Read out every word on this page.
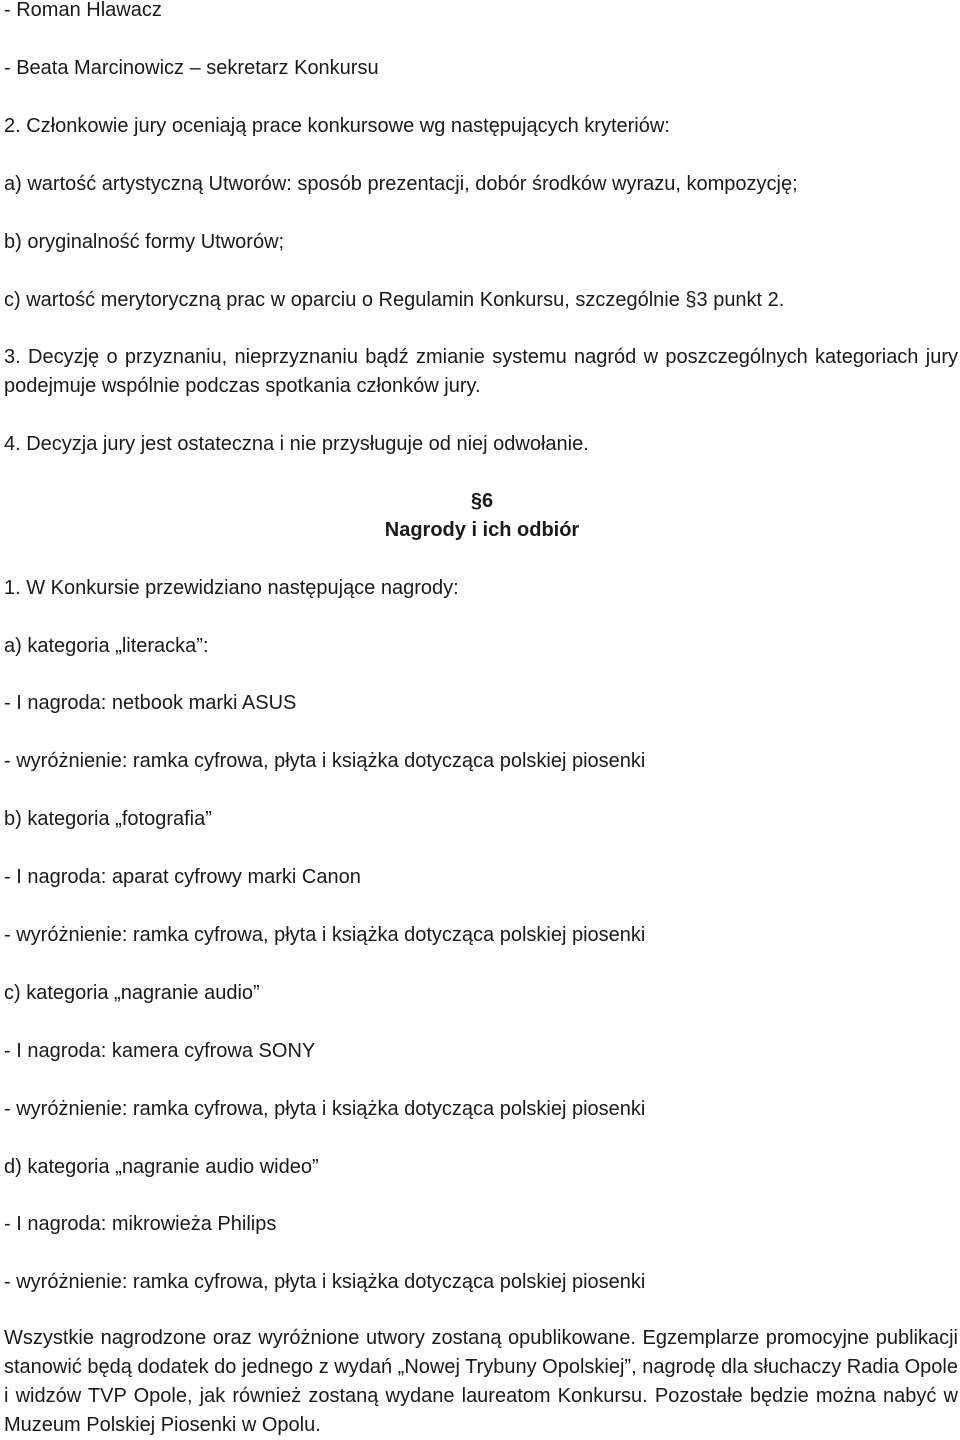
- Roman Hlawacz
- Beata Marcinowicz – sekretarz Konkursu
2. Członkowie jury oceniają prace konkursowe wg następujących kryteriów:
a) wartość artystyczną Utworów: sposób prezentacji, dobór środków wyrazu, kompozycję;
b) oryginalność formy Utworów;
c) wartość merytoryczną prac w oparciu o Regulamin Konkursu, szczególnie §3 punkt 2.
3. Decyzję o przyznaniu, nieprzyznaniu bądź zmianie systemu nagród w poszczególnych kategoriach jury podejmuje wspólnie podczas spotkania członków jury.
4. Decyzja jury jest ostateczna i nie przysługuje od niej odwołanie.
§6
Nagrody i ich odbiór
1. W Konkursie przewidziano następujące nagrody:
a) kategoria „literacka”:
- I nagroda: netbook marki ASUS
- wyróżnienie: ramka cyfrowa, płyta i książka dotycząca polskiej piosenki
b) kategoria „fotografia”
- I nagroda: aparat cyfrowy marki Canon
- wyróżnienie: ramka cyfrowa, płyta i książka dotycząca polskiej piosenki
c) kategoria „nagranie audio”
- I nagroda: kamera cyfrowa SONY
- wyróżnienie: ramka cyfrowa, płyta i książka dotycząca polskiej piosenki
d) kategoria „nagranie audio wideo”
- I nagroda: mikrowieża Philips
- wyróżnienie: ramka cyfrowa, płyta i książka dotycząca polskiej piosenki
Wszystkie nagrodzone oraz wyróżnione utwory zostaną opublikowane. Egzemplarze promocyjne publikacji stanowić będą dodatek do jednego z wydań „Nowej Trybuny Opolskiej”, nagrodę dla słuchaczy Radia Opole i widzów TVP Opole, jak również zostaną wydane laureatom Konkursu. Pozostałe będzie można nabyć w Muzeum Polskiej Piosenki w Opolu.
